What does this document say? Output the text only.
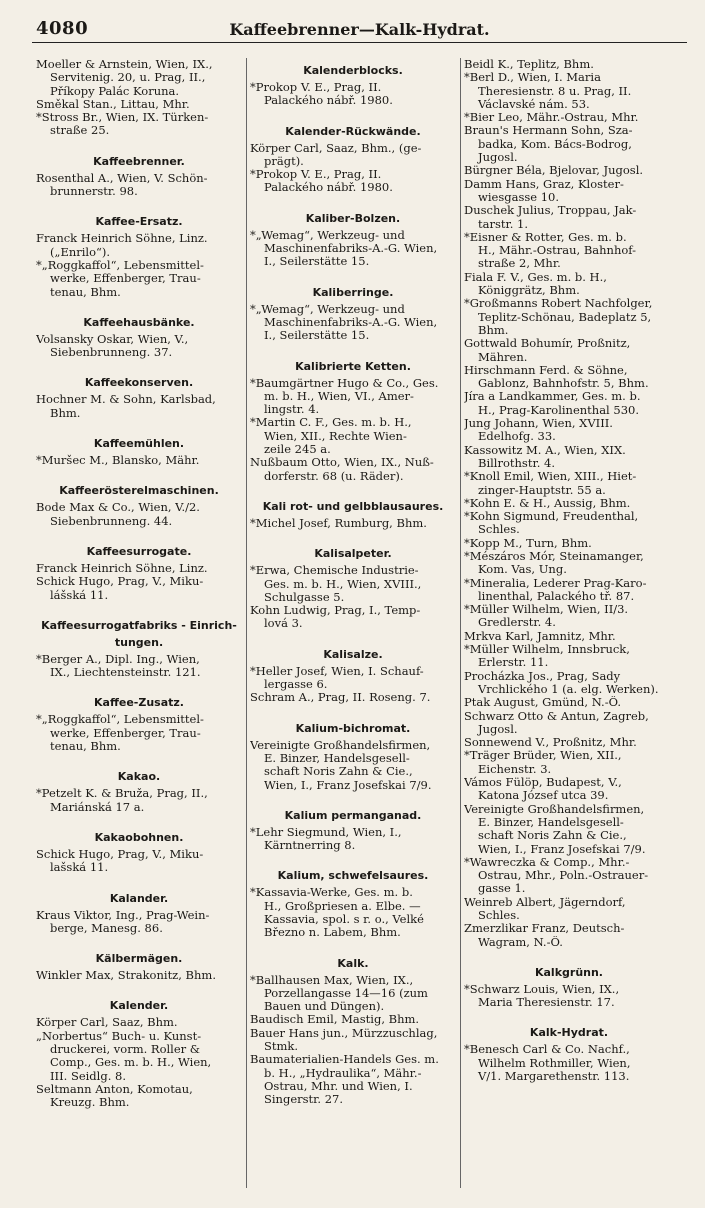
4080	Kaffeebrenner—Kalk-Hydrat.
Moeller & Arnstein, Wien, IX.,
Servitenig. 20, u. Prag, II.,
Příkopy Palác Koruna.
Směkal Stan., Littau, Mhr.
*Stross Br., Wien, IX. Türken-
straße 25.
Kaffeebrenner.
Rosenthal A., Wien, V. Schön-
brunnerstr. 98.
Kaffee-Ersatz.
Franck Heinrich Söhne, Linz.
(„Enrilo“).
*„Roggkaffol“, Lebensmittel-
werke, Effenberger, Trau-
tenau, Bhm.
Kaffeehausbänke.
Volsansky Oskar, Wien, V.,
Siebenbrunneng. 37.
Kaffeekonserven.
Hochner M. & Sohn, Karlsbad,
Bhm.
Kaffeemühlen.
*Muršec M., Blansko, Mähr.
Kaffeerösterelmaschinen.
Bode Max & Co., Wien, V./2.
Siebenbrunneng. 44.
Kaffeesurrogate.
Franck Heinrich Söhne, Linz.
Schick Hugo, Prag, V., Miku-
lášská 11.
Kaffeesurrogatfabriks - Einrich-
tungen.
*Berger A., Dipl. Ing., Wien,
IX., Liechtensteinstr. 121.
Kaffee-Zusatz.
*„Roggkaffol“, Lebensmittel-
werke, Effenberger, Trau-
tenau, Bhm.
Kakao.
*Petzelt K. & Bruža, Prag, II.,
Mariánská 17 a.
Kakaobohnen.
Schick Hugo, Prag, V., Miku-
lašská 11.
Kalander.
Kraus Viktor, Ing., Prag-Wein-
berge, Manesg. 86.
Kälbermägen.
Winkler Max, Strakonitz, Bhm.
Kalender.
Körper Carl, Saaz, Bhm.
„Norbertus“ Buch- u. Kunst-
druckerei, vorm. Roller &
Comp., Ges. m. b. H., Wien,
III. Seidlg. 8.
Seltmann Anton, Komotau,
Kreuzg. Bhm.
Kalenderblocks.
*Prokop V. E., Prag, II.
Palackého nábř. 1980.
Kalender-Rückwände.
Körper Carl, Saaz, Bhm., (ge-
prägt).
*Prokop V. E., Prag, II.
Palackého nábř. 1980.
Kaliber-Bolzen.
*„Wemag“, Werkzeug- und
Maschinenfabriks-A.-G. Wien,
I., Seilerstätte 15.
Kaliberringe.
*„Wemag“, Werkzeug- und
Maschinenfabriks-A.-G. Wien,
I., Seilerstätte 15.
Kalibrierte Ketten.
*Baumgärtner Hugo & Co., Ges.
m. b. H., Wien, VI., Amer-
lingstr. 4.
*Martin C. F., Ges. m. b. H.,
Wien, XII., Rechte Wien-
zeile 245 a.
Nußbaum Otto, Wien, IX., Nuß-
dorferstr. 68 (u. Räder).
Kali rot- und gelbblausaures.
*Michel Josef, Rumburg, Bhm.
Kalisalpeter.
*Erwa, Chemische Industrie-
Ges. m. b. H., Wien, XVIII.,
Schulgasse 5.
Kohn Ludwig, Prag, I., Temp-
lová 3.
Kalisalze.
*Heller Josef, Wien, I. Schauf-
lergasse 6.
Schram A., Prag, II. Roseng. 7.
Kalium-bichromat.
Vereinigte Großhandelsfirmen,
E. Binzer, Handelsgesell-
schaft Noris Zahn & Cie.,
Wien, I., Franz Josefskai 7/9.
Kalium permanganad.
*Lehr Siegmund, Wien, I.,
Kärntnerring 8.
Kalium, schwefelsaures.
*Kassavia-Werke, Ges. m. b.
H., Großpriesen a. Elbe. —
Kassavia, spol. s r. o., Velké
Březno n. Labem, Bhm.
Kalk.
*Ballhausen Max, Wien, IX.,
Porzellangasse 14—16 (zum
Bauen und Düngen).
Baudisch Emil, Mastig, Bhm.
Bauer Hans jun., Mürzzuschlag,
Stmk.
Baumaterialien-Handels Ges. m.
b. H., „Hydraulika“, Mähr.-
Ostrau, Mhr. und Wien, I.
Singerstr. 27.
Beidl K., Teplitz, Bhm.
*Berl D., Wien, I. Maria
Theresienstr. 8 u. Prag, II.
Václavské nám. 53.
*Bier Leo, Mähr.-Ostrau, Mhr.
Braun's Hermann Sohn, Sza-
badka, Kom. Bács-Bodrog,
Jugosl.
Bürgner Béla, Bjelovar, Jugosl.
Damm Hans, Graz, Kloster-
wiesgasse 10.
Duschek Julius, Troppau, Jak-
tarstr. 1.
*Eisner & Rotter, Ges. m. b.
H., Mähr.-Ostrau, Bahnhof-
straße 2, Mhr.
Fiala F. V., Ges. m. b. H.,
Königgrätz, Bhm.
*Großmanns Robert Nachfolger,
Teplitz-Schönau, Badeplatz 5,
Bhm.
Gottwald Bohumír, Proßnitz,
Mähren.
Hirschmann Ferd. & Söhne,
Gablonz, Bahnhofstr. 5, Bhm.
Jíra a Landkammer, Ges. m. b.
H., Prag-Karolinenthal 530.
Jung Johann, Wien, XVIII.
Edelhofg. 33.
Kassowitz M. A., Wien, XIX.
Billrothstr. 4.
*Knoll Emil, Wien, XIII., Hiet-
zinger-Hauptstr. 55 a.
*Kohn E. & H., Aussig, Bhm.
*Kohn Sigmund, Freudenthal,
Schles.
*Kopp M., Turn, Bhm.
*Mészáros Mór, Steinamanger,
Kom. Vas, Ung.
*Mineralia, Lederer Prag-Karo-
linenthal, Palackého tř. 87.
*Müller Wilhelm, Wien, II/3.
Gredlerstr. 4.
Mrkva Karl, Jamnitz, Mhr.
*Müller Wilhelm, Innsbruck,
Erlerstr. 11.
Procházka Jos., Prag, Sady
Vrchlického 1 (a. elg. Werken).
Ptak August, Gmünd, N.-Ö.
Schwarz Otto & Antun, Zagreb,
Jugosl.
Sonnewend V., Proßnitz, Mhr.
*Träger Brüder, Wien, XII.,
Eichenstr. 3.
Vámos Fülöp, Budapest, V.,
Katona József utca 39.
Vereinigte Großhandelsfirmen,
E. Binzer, Handelsgesell-
schaft Noris Zahn & Cie.,
Wien, I., Franz Josefskai 7/9.
*Wawreczka & Comp., Mhr.-
Ostrau, Mhr., Poln.-Ostrauer-
gasse 1.
Weinreb Albert, Jägerndorf,
Schles.
Zmerzlikar Franz, Deutsch-
Wagram, N.-Ö.
Kalkgrünn.
*Schwarz Louis, Wien, IX.,
Maria Theresienstr. 17.
Kalk-Hydrat.
*Benesch Carl & Co. Nachf.,
Wilhelm Rothmiller, Wien,
V/1. Margarethenstr. 113.
